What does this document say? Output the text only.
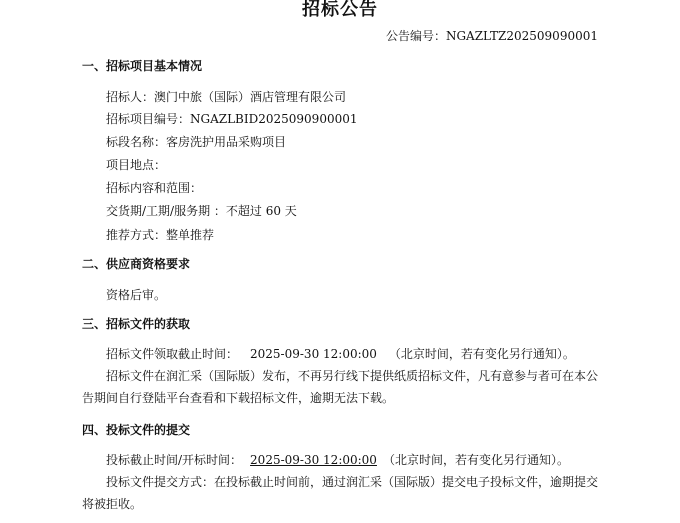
招标公告
公告编号：NGAZLTZ202509090001
一、招标项目基本情况
招标人：澳门中旅（国际）酒店管理有限公司
招标项目编号：NGAZLBID2025090900001
标段名称：客房洗护用品采购项目
项目地点：
招标内容和范围：
交货期/工期/服务期 ：不超过 60 天
推荐方式：整单推荐
二、供应商资格要求
资格后审。
三、招标文件的获取
招标文件领取截止时间： 2025-09-30 12:00:00 （北京时间，若有变化另行通知）。
招标文件在润汇采（国际版）发布，不再另行线下提供纸质招标文件，凡有意参与者可在本公告期间自行登陆平台查看和下载招标文件，逾期无法下载。
四、投标文件的提交
投标截止时间/开标时间： 2025-09-30 12:00:00 （北京时间，若有变化另行通知）。
投标文件提交方式：在投标截止时间前，通过润汇采（国际版）提交电子投标文件，逾期提交将被拒收。
